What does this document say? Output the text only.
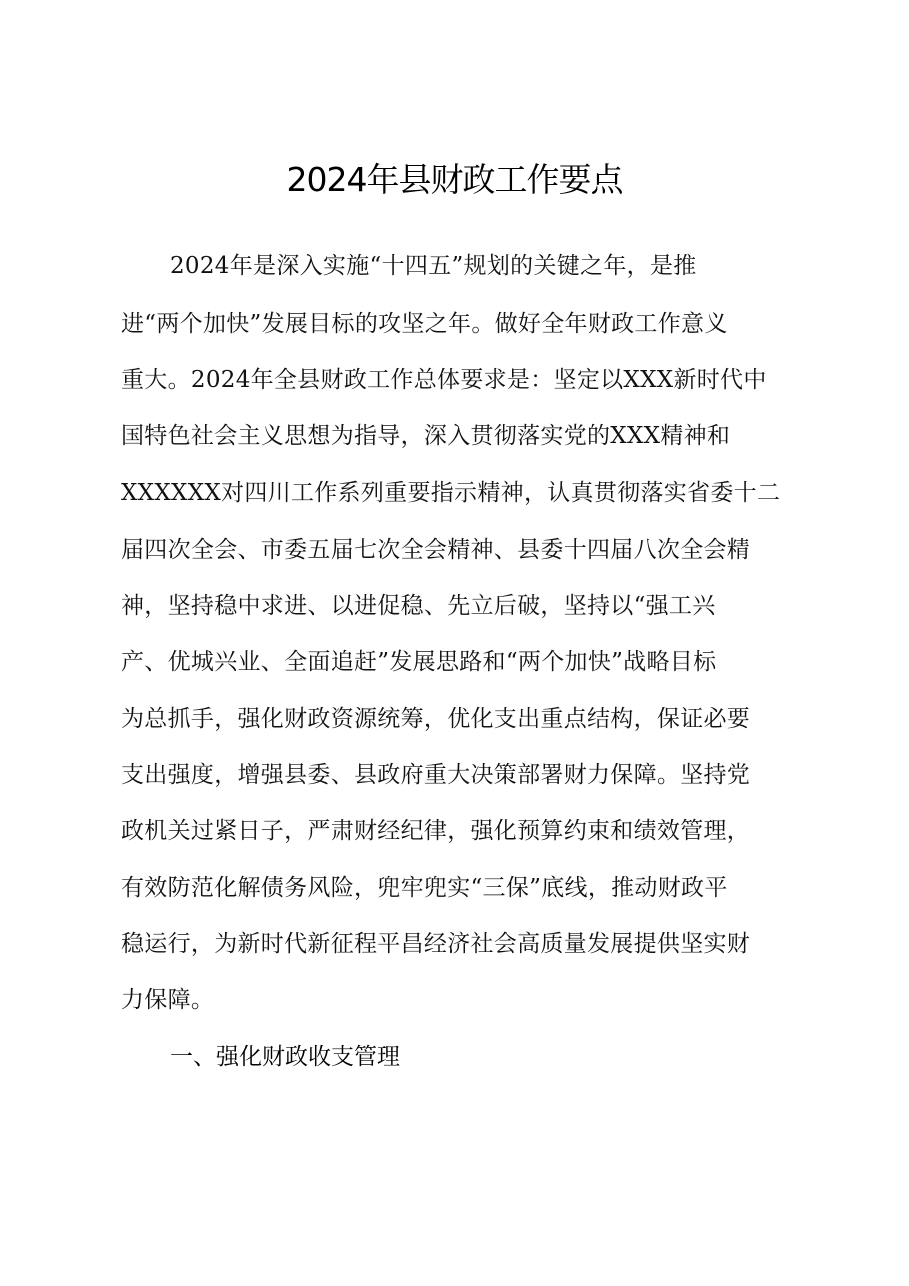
2024年县财政工作要点
2024年是深入实施“十四五”规划的关键之年，是推
进“两个加快”发展目标的攻坚之年。做好全年财政工作意义
重大。2024年全县财政工作总体要求是：坚定以XXX新时代中
国特色社会主义思想为指导，深入贯彻落实党的XXX精神和
XXXXXX对四川工作系列重要指示精神，认真贯彻落实省委十二
届四次全会、市委五届七次全会精神、县委十四届八次全会精
神，坚持稳中求进、以进促稳、先立后破，坚持以“强工兴
产、优城兴业、全面追赶”发展思路和“两个加快”战略目标
为总抓手，强化财政资源统筹，优化支出重点结构，保证必要
支出强度，增强县委、县政府重大决策部署财力保障。坚持党
政机关过紧日子，严肃财经纪律，强化预算约束和绩效管理，
有效防范化解债务风险，兜牢兜实“三保”底线，推动财政平
稳运行，为新时代新征程平昌经济社会高质量发展提供坚实财
力保障。
一、强化财政收支管理
